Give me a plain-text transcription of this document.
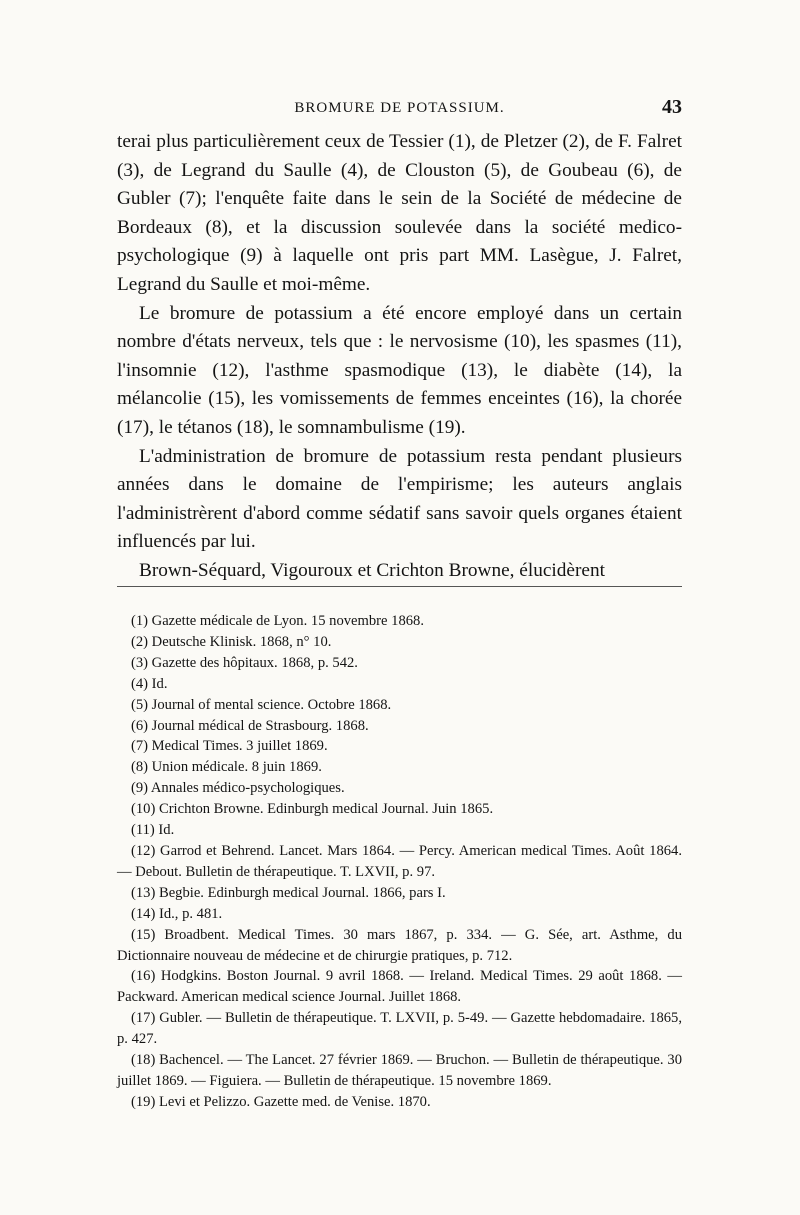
BROMURE DE POTASSIUM.	43

terai plus particulièrement ceux de Tessier (1), de Pletzer (2), de F. Falret (3), de Legrand du Saulle (4), de Clouston (5), de Goubeau (6), de Gubler (7); l'enquête faite dans le sein de la Société de médecine de Bordeaux (8), et la discussion soulevée dans la société medico-psychologique (9) à laquelle ont pris part MM. Lasègue, J. Falret, Legrand du Saulle et moi-même.

Le bromure de potassium a été encore employé dans un certain nombre d'états nerveux, tels que : le nervosisme (10), les spasmes (11), l'insomnie (12), l'asthme spasmodique (13), le diabète (14), la mélancolie (15), les vomissements de femmes enceintes (16), la chorée (17), le tétanos (18), le somnambulisme (19).

L'administration de bromure de potassium resta pendant plusieurs années dans le domaine de l'empirisme; les auteurs anglais l'administrèrent d'abord comme sédatif sans savoir quels organes étaient influencés par lui.

Brown-Séquard, Vigouroux et Crichton Browne, élucidèrent

(1) Gazette médicale de Lyon. 15 novembre 1868.

(2) Deutsche Klinisk. 1868, n° 10.

(3) Gazette des hôpitaux. 1868, p. 542.

(4) Id.

(5) Journal of mental science. Octobre 1868.

(6) Journal médical de Strasbourg. 1868.

(7) Medical Times. 3 juillet 1869.

(8) Union médicale. 8 juin 1869.

(9) Annales médico-psychologiques.

(10) Crichton Browne. Edinburgh medical Journal. Juin 1865.

(11) Id.

(12) Garrod et Behrend. Lancet. Mars 1864. — Percy. American medical Times. Août 1864. — Debout. Bulletin de thérapeutique. T. LXVII, p. 97.

(13) Begbie. Edinburgh medical Journal. 1866, pars I.

(14) Id., p. 481.

(15) Broadbent. Medical Times. 30 mars 1867, p. 334. — G. Sée, art. Asthme, du Dictionnaire nouveau de médecine et de chirurgie pratiques, p. 712.

(16) Hodgkins. Boston Journal. 9 avril 1868. — Ireland. Medical Times. 29 août 1868. — Packward. American medical science Journal. Juillet 1868.

(17) Gubler. — Bulletin de thérapeutique. T. LXVII, p. 5-49. — Gazette hebdomadaire. 1865, p. 427.

(18) Bachencel. — The Lancet. 27 février 1869. — Bruchon. — Bulletin de thérapeutique. 30 juillet 1869. — Figuiera. — Bulletin de thérapeutique. 15 novembre 1869.

(19) Levi et Pelizzo. Gazette med. de Venise. 1870.
